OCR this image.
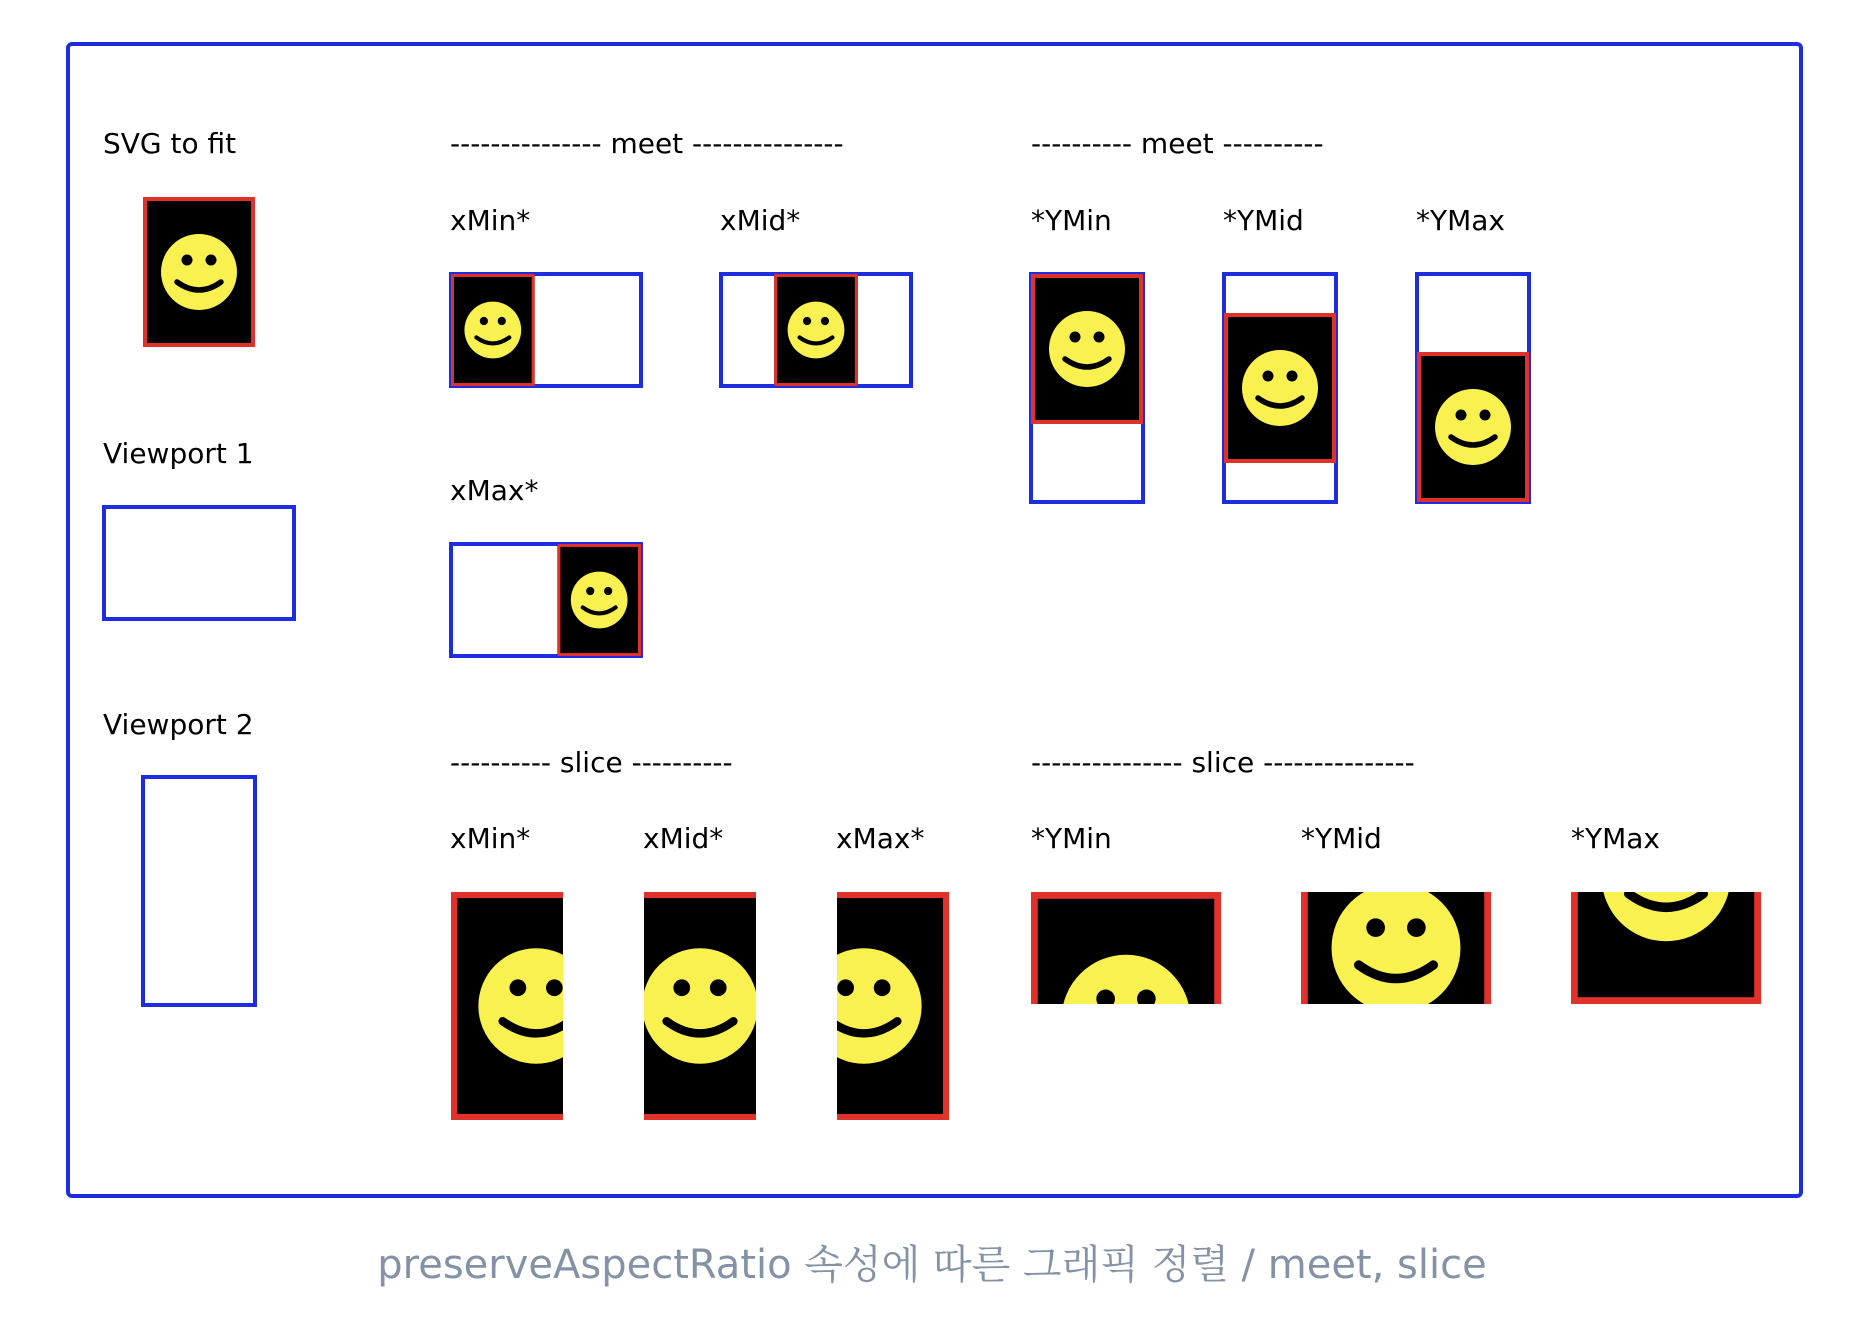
SVG to fit
Viewport 1
Viewport 2
--------------- meet ---------------	---------- meet ----------
---------- slice ----------	--------------- slice ---------------
xMin*	xMid*
xMax*
*YMin	*YMid	*YMax
xMin*	xMid*	xMax*	*YMin	*YMid	*YMax
preserveAspectRatio 속성에 따른 그래픽 정렬 / meet, slice
